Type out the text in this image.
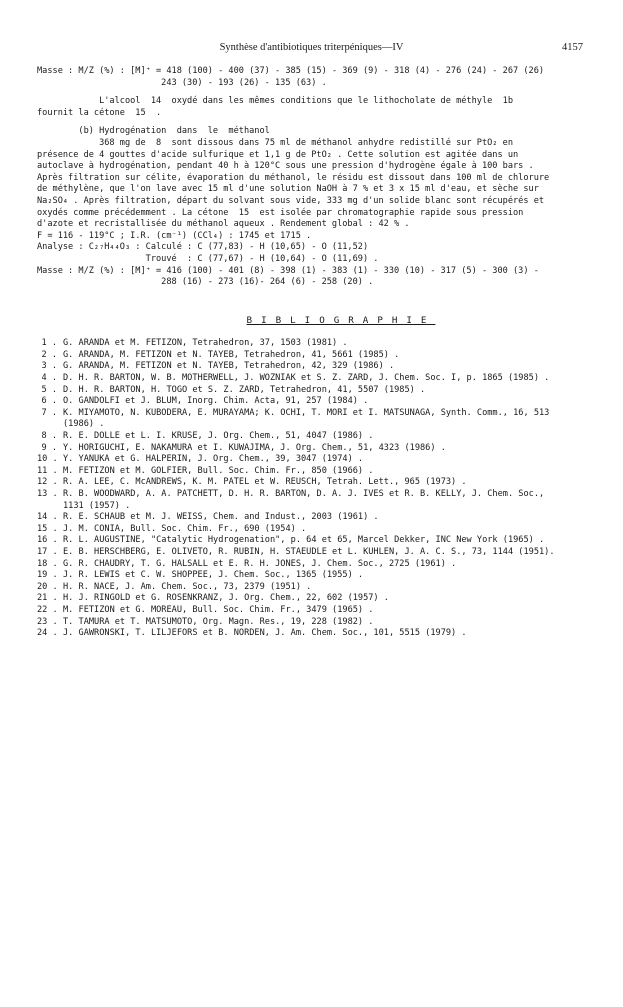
Synthèse d'antibiotiques triterpéniques—IV	4157
Masse : M/Z (%) : [M]⁺ = 418 (100) - 400 (37) - 385 (15) - 369 (9) - 318 (4) - 276 (24) - 267 (26)
243 (30) - 193 (26) - 135 (63) .
L'alcool  14  oxydé dans les mêmes conditions que le lithocholate de méthyle  1b
fournit la cétone  15  .
(b) Hydrogénation  dans  le  méthanol
368 mg de  8  sont dissous dans 75 ml de méthanol anhydre redistillé sur PtO₂ en
présence de 4 gouttes d'acide sulfurique et 1,1 g de PtO₂ . Cette solution est agitée dans un
autoclave à hydrogénation, pendant 40 h à 120°C sous une pression d'hydrogène égale à 100 bars .
Après filtration sur célite, évaporation du méthanol, le résidu est dissout dans 100 ml de chlorure
de méthylène, que l'on lave avec 15 ml d'une solution NaOH à 7 % et 3 x 15 ml d'eau, et sèche sur
Na₂SO₄ . Après filtration, départ du solvant sous vide, 333 mg d'un solide blanc sont récupérés et
oxydés comme précédemment . La cétone  15  est isolée par chromatographie rapide sous pression
d'azote et recristallisée du méthanol aqueux . Rendement global : 42 % .
F = 116 - 119°C ; I.R. (cm⁻¹) (CCl₄) : 1745 et 1715 .
Analyse : C₂₇H₄₄O₃ : Calculé : C (77,83) - H (10,65) - O (11,52)
Trouvé  : C (77,67) - H (10,64) - O (11,69) .
Masse : M/Z (%) : [M]⁺ = 416 (100) - 401 (8) - 398 (1) - 383 (1) - 330 (10) - 317 (5) - 300 (3) -
288 (16) - 273 (16)- 264 (6) - 258 (20) .
BIBLIOGRAPHIE
1 . G. ARANDA et M. FETIZON, Tetrahedron, 37, 1503 (1981) .
2 . G. ARANDA, M. FETIZON et N. TAYEB, Tetrahedron, 41, 5661 (1985) .
3 . G. ARANDA, M. FETIZON et N. TAYEB, Tetrahedron, 42, 329 (1986) .
4 . D. H. R. BARTON, W. B. MOTHERWELL, J. WOZNIAK et S. Z. ZARD, J. Chem. Soc. I, p. 1865 (1985) .
5 . D. H. R. BARTON, H. TOGO et S. Z. ZARD, Tetrahedron, 41, 5507 (1985) .
6 . O. GANDOLFI et J. BLUM, Inorg. Chim. Acta, 91, 257 (1984) .
7 . K. MIYAMOTO, N. KUBODERA, E. MURAYAMA; K. OCHI, T. MORI et I. MATSUNAGA, Synth. Comm., 16, 513
(1986) .
8 . R. E. DOLLE et L. I. KRUSE, J. Org. Chem., 51, 4047 (1986) .
9 . Y. HORIGUCHI, E. NAKAMURA et I. KUWAJIMA, J. Org. Chem., 51, 4323 (1986) .
10 . Y. YANUKA et G. HALPERIN, J. Org. Chem., 39, 3047 (1974) .
11 . M. FETIZON et M. GOLFIER, Bull. Soc. Chim. Fr., 850 (1966) .
12 . R. A. LEE, C. McANDREWS, K. M. PATEL et W. REUSCH, Tetrah. Lett., 965 (1973) .
13 . R. B. WOODWARD, A. A. PATCHETT, D. H. R. BARTON, D. A. J. IVES et R. B. KELLY, J. Chem. Soc.,
1131 (1957) .
14 . R. E. SCHAUB et M. J. WEISS, Chem. and Indust., 2003 (1961) .
15 . J. M. CONIA, Bull. Soc. Chim. Fr., 690 (1954) .
16 . R. L. AUGUSTINE, "Catalytic Hydrogenation", p. 64 et 65, Marcel Dekker, INC New York (1965) .
17 . E. B. HERSCHBERG, E. OLIVETO, R. RUBIN, H. STAEUDLE et L. KUHLEN, J. A. C. S., 73, 1144 (1951).
18 . G. R. CHAUDRY, T. G. HALSALL et E. R. H. JONES, J. Chem. Soc., 2725 (1961) .
19 . J. R. LEWIS et C. W. SHOPPEE, J. Chem. Soc., 1365 (1955) .
20 . H. R. NACE, J. Am. Chem. Soc., 73, 2379 (1951) .
21 . H. J. RINGOLD et G. ROSENKRANZ, J. Org. Chem., 22, 602 (1957) .
22 . M. FETIZON et G. MOREAU, Bull. Soc. Chim. Fr., 3479 (1965) .
23 . T. TAMURA et T. MATSUMOTO, Org. Magn. Res., 19, 228 (1982) .
24 . J. GAWRONSKI, T. LILJEFORS et B. NORDEN, J. Am. Chem. Soc., 101, 5515 (1979) .
